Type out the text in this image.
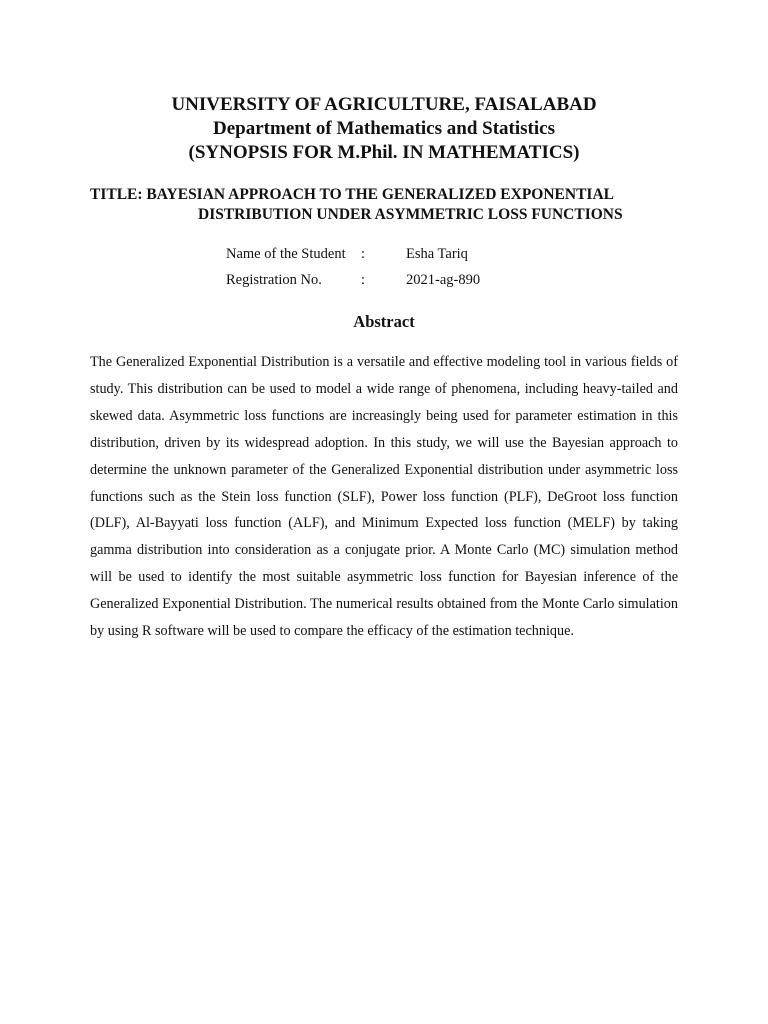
UNIVERSITY OF AGRICULTURE, FAISALABAD
Department of Mathematics and Statistics
(SYNOPSIS FOR M.Phil. IN MATHEMATICS)
TITLE: BAYESIAN APPROACH TO THE GENERALIZED EXPONENTIAL
DISTRIBUTION UNDER ASYMMETRIC LOSS FUNCTIONS
Name of the Student	:	Esha Tariq
Registration No.	:	2021-ag-890
Abstract
The Generalized Exponential Distribution is a versatile and effective modeling tool in various fields of study. This distribution can be used to model a wide range of phenomena, including heavy-tailed and skewed data. Asymmetric loss functions are increasingly being used for parameter estimation in this distribution, driven by its widespread adoption. In this study, we will use the Bayesian approach to determine the unknown parameter of the Generalized Exponential distribution under asymmetric loss functions such as the Stein loss function (SLF), Power loss function (PLF), DeGroot loss function (DLF), Al-Bayyati loss function (ALF), and Minimum Expected loss function (MELF) by taking gamma distribution into consideration as a conjugate prior. A Monte Carlo (MC) simulation method will be used to identify the most suitable asymmetric loss function for Bayesian inference of the Generalized Exponential Distribution. The numerical results obtained from the Monte Carlo simulation by using R software will be used to compare the efficacy of the estimation technique.
